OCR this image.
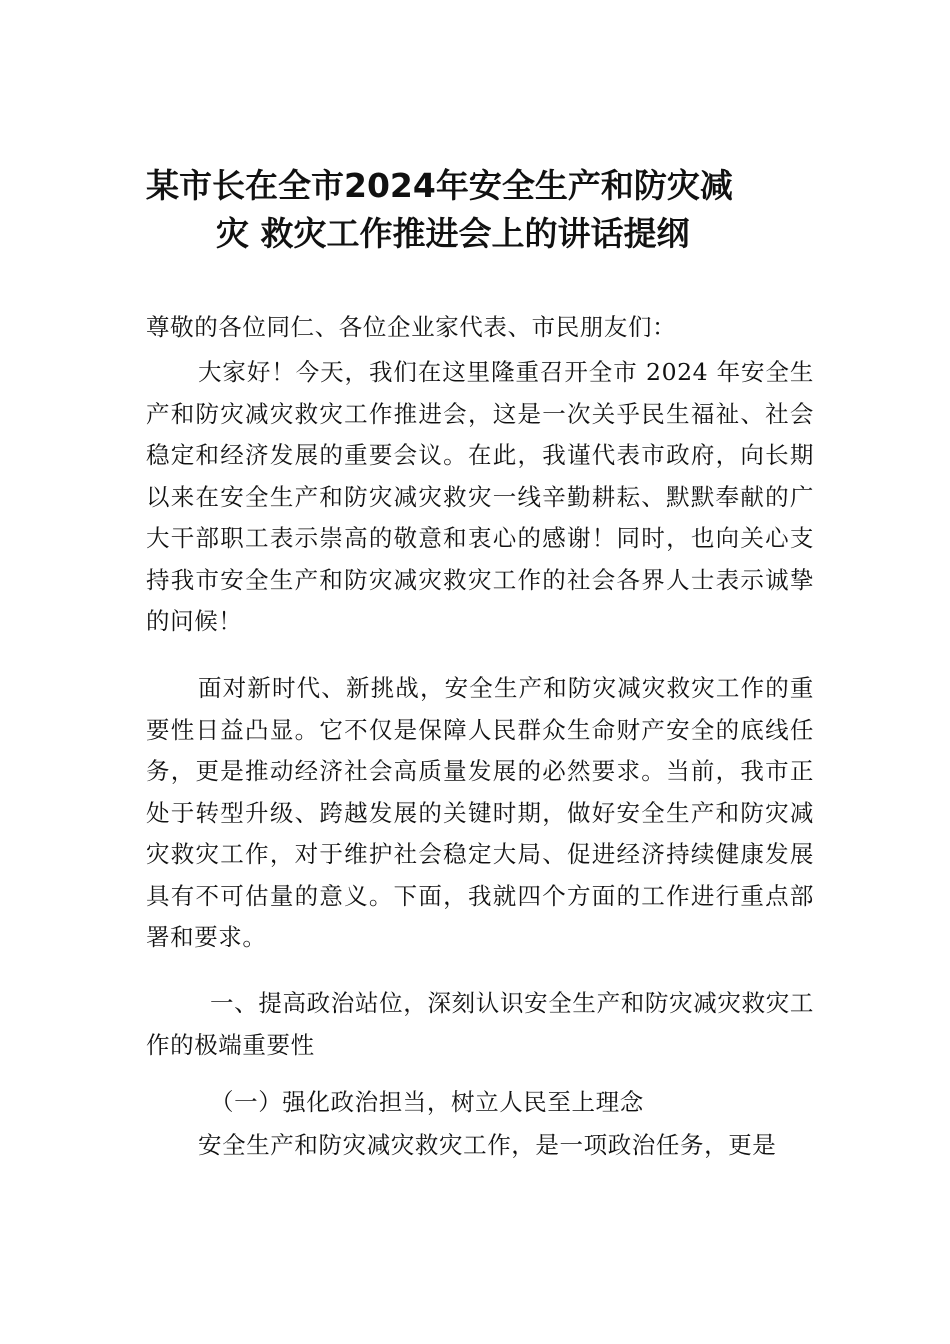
某市长在全市2024年安全生产和防灾减
灾 救灾工作推进会上的讲话提纲

尊敬的各位同仁、各位企业家代表、市民朋友们：

大家好！今天，我们在这里隆重召开全市 2024 年安全生产和防灾减灾救灾工作推进会，这是一次关乎民生福祉、社会稳定和经济发展的重要会议。在此，我谨代表市政府，向长期以来在安全生产和防灾减灾救灾一线辛勤耕耘、默默奉献的广大干部职工表示崇高的敬意和衷心的感谢！同时，也向关心支持我市安全生产和防灾减灾救灾工作的社会各界人士表示诚挚的问候！

面对新时代、新挑战，安全生产和防灾减灾救灾工作的重要性日益凸显。它不仅是保障人民群众生命财产安全的底线任务，更是推动经济社会高质量发展的必然要求。当前，我市正处于转型升级、跨越发展的关键时期，做好安全生产和防灾减灾救灾工作，对于维护社会稳定大局、促进经济持续健康发展具有不可估量的意义。下面，我就四个方面的工作进行重点部署和要求。

一、提高政治站位，深刻认识安全生产和防灾减灾救灾工作的极端重要性

（一）强化政治担当，树立人民至上理念

安全生产和防灾减灾救灾工作，是一项政治任务，更是
